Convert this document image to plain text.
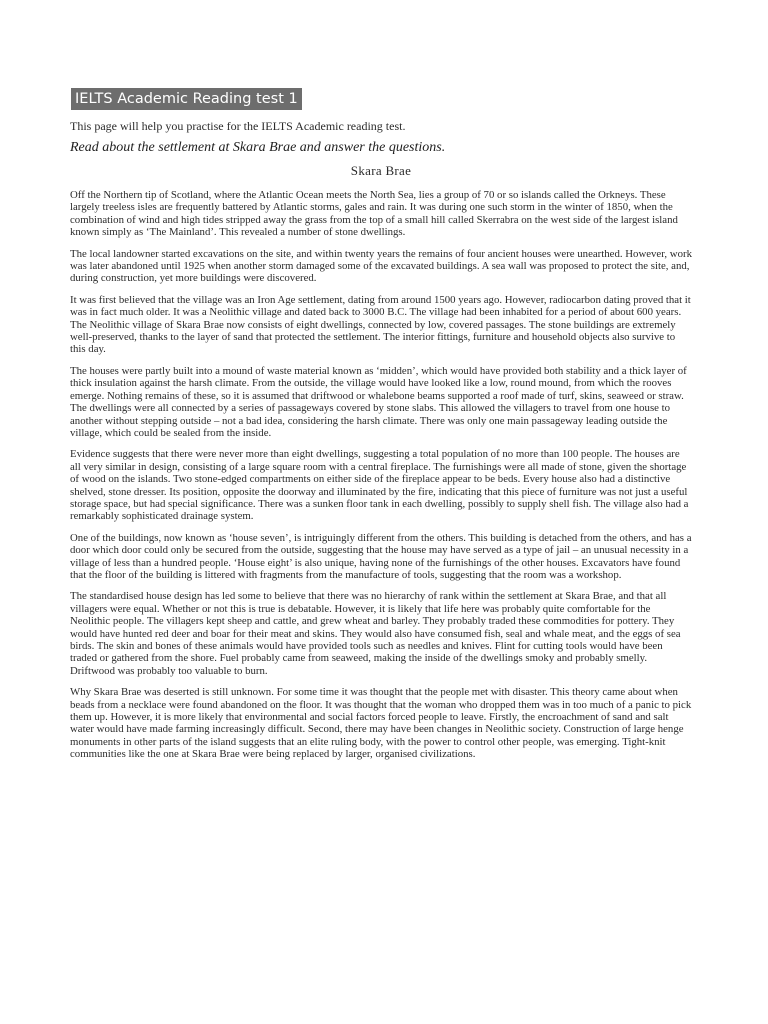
IELTS Academic Reading test 1

This page will help you practise for the IELTS Academic reading test.

Read about the settlement at Skara Brae and answer the questions.

Skara Brae

Off the Northern tip of Scotland, where the Atlantic Ocean meets the North Sea, lies a group of 70 or so islands called the Orkneys. These largely treeless isles are frequently battered by Atlantic storms, gales and rain. It was during one such storm in the winter of 1850, when the combination of wind and high tides stripped away the grass from the top of a small hill called Skerrabra on the west side of the largest island known simply as ‘The Mainland’. This revealed a number of stone dwellings.

The local landowner started excavations on the site, and within twenty years the remains of four ancient houses were unearthed. However, work was later abandoned until 1925 when another storm damaged some of the excavated buildings. A sea wall was proposed to protect the site, and, during construction, yet more buildings were discovered.

It was first believed that the village was an Iron Age settlement, dating from around 1500 years ago. However, radiocarbon dating proved that it was in fact much older. It was a Neolithic village and dated back to 3000 B.C. The village had been inhabited for a period of about 600 years. The Neolithic village of Skara Brae now consists of eight dwellings, connected by low, covered passages. The stone buildings are extremely well-preserved, thanks to the layer of sand that protected the settlement. The interior fittings, furniture and household objects also survive to this day.

The houses were partly built into a mound of waste material known as ‘midden’, which would have provided both stability and a thick layer of thick insulation against the harsh climate. From the outside, the village would have looked like a low, round mound, from which the rooves emerge. Nothing remains of these, so it is assumed that driftwood or whalebone beams supported a roof made of turf, skins, seaweed or straw. The dwellings were all connected by a series of passageways covered by stone slabs. This allowed the villagers to travel from one house to another without stepping outside – not a bad idea, considering the harsh climate. There was only one main passageway leading outside the village, which could be sealed from the inside.

Evidence suggests that there were never more than eight dwellings, suggesting a total population of no more than 100 people. The houses are all very similar in design, consisting of a large square room with a central fireplace. The furnishings were all made of stone, given the shortage of wood on the islands. Two stone-edged compartments on either side of the fireplace appear to be beds. Every house also had a distinctive shelved, stone dresser. Its position, opposite the doorway and illuminated by the fire, indicating that this piece of furniture was not just a useful storage space, but had special significance. There was a sunken floor tank in each dwelling, possibly to supply shell fish. The village also had a remarkably sophisticated drainage system.

One of the buildings, now known as ‘house seven’, is intriguingly different from the others. This building is detached from the others, and has a door which door could only be secured from the outside, suggesting that the house may have served as a type of jail – an unusual necessity in a village of less than a hundred people. ‘House eight’ is also unique, having none of the furnishings of the other houses. Excavators have found that the floor of the building is littered with fragments from the manufacture of tools, suggesting that the room was a workshop.

The standardised house design has led some to believe that there was no hierarchy of rank within the settlement at Skara Brae, and that all villagers were equal. Whether or not this is true is debatable. However, it is likely that life here was probably quite comfortable for the Neolithic people. The villagers kept sheep and cattle, and grew wheat and barley. They probably traded these commodities for pottery. They would have hunted red deer and boar for their meat and skins. They would also have consumed fish, seal and whale meat, and the eggs of sea birds. The skin and bones of these animals would have provided tools such as needles and knives. Flint for cutting tools would have been traded or gathered from the shore. Fuel probably came from seaweed, making the inside of the dwellings smoky and probably smelly. Driftwood was probably too valuable to burn.

Why Skara Brae was deserted is still unknown. For some time it was thought that the people met with disaster. This theory came about when beads from a necklace were found abandoned on the floor. It was thought that the woman who dropped them was in too much of a panic to pick them up. However, it is more likely that environmental and social factors forced people to leave. Firstly, the encroachment of sand and salt water would have made farming increasingly difficult. Second, there may have been changes in Neolithic society. Construction of large henge monuments in other parts of the island suggests that an elite ruling body, with the power to control other people, was emerging. Tight-knit communities like the one at Skara Brae were being replaced by larger, organised civilizations.
